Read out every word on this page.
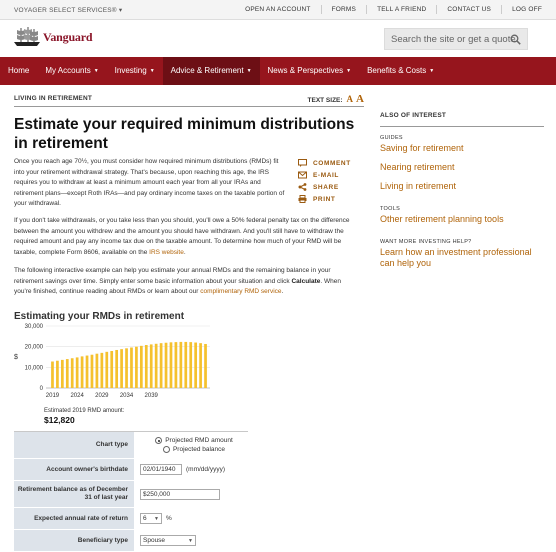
VOYAGER SELECT SERVICES® ▾	OPEN AN ACCOUNT	FORMS	TELL A FRIEND	CONTACT US	LOG OFF
Vanguard	Search the site or get a quote
Home	My Accounts ▼	Investing ▼	Advice & Retirement ▼	News & Perspectives ▼	Benefits & Costs ▼
LIVING IN RETIREMENT	TEXT SIZE: A A
Estimate your required minimum distributions in retirement
Once you reach age 70½, you must consider how required minimum distributions (RMDs) fit into your retirement withdrawal strategy. That's because, upon reaching this age, the IRS requires you to withdraw at least a minimum amount each year from all your IRAs and retirement plans—except Roth IRAs—and pay ordinary income taxes on the taxable portion of your withdrawal.
COMMENT
E-MAIL
SHARE
PRINT
If you don't take withdrawals, or you take less than you should, you'll owe a 50% federal penalty tax on the difference between the amount you withdrew and the amount you should have withdrawn. And you'll still have to withdraw the required amount and pay any income tax due on the taxable amount. To determine how much of your RMD will be taxable, complete Form 8606, available on the IRS website.
The following interactive example can help you estimate your annual RMDs and the remaining balance in your retirement savings over time. Simply enter some basic information about your situation and click Calculate. When you're finished, continue reading about RMDs or learn about our complimentary RMD service.
Estimating your RMDs in retirement
30,000
20,000
10,000
0
$
2019 2024 2029 2034 2039
Estimated 2019 RMD amount:
$12,820
Chart type
Projected RMD amount
Projected balance
Account owner's birthdate	02/01/1940	(mm/dd/yyyy)
Retirement balance as of December 31 of last year	$250,000
Expected annual rate of return	6 ▼ %
Beneficiary type	Spouse	▼
ALSO OF INTEREST
GUIDES
Saving for retirement
Nearing retirement
Living in retirement
TOOLS
Other retirement planning tools
WANT MORE INVESTING HELP?
Learn how an investment professional can help you
